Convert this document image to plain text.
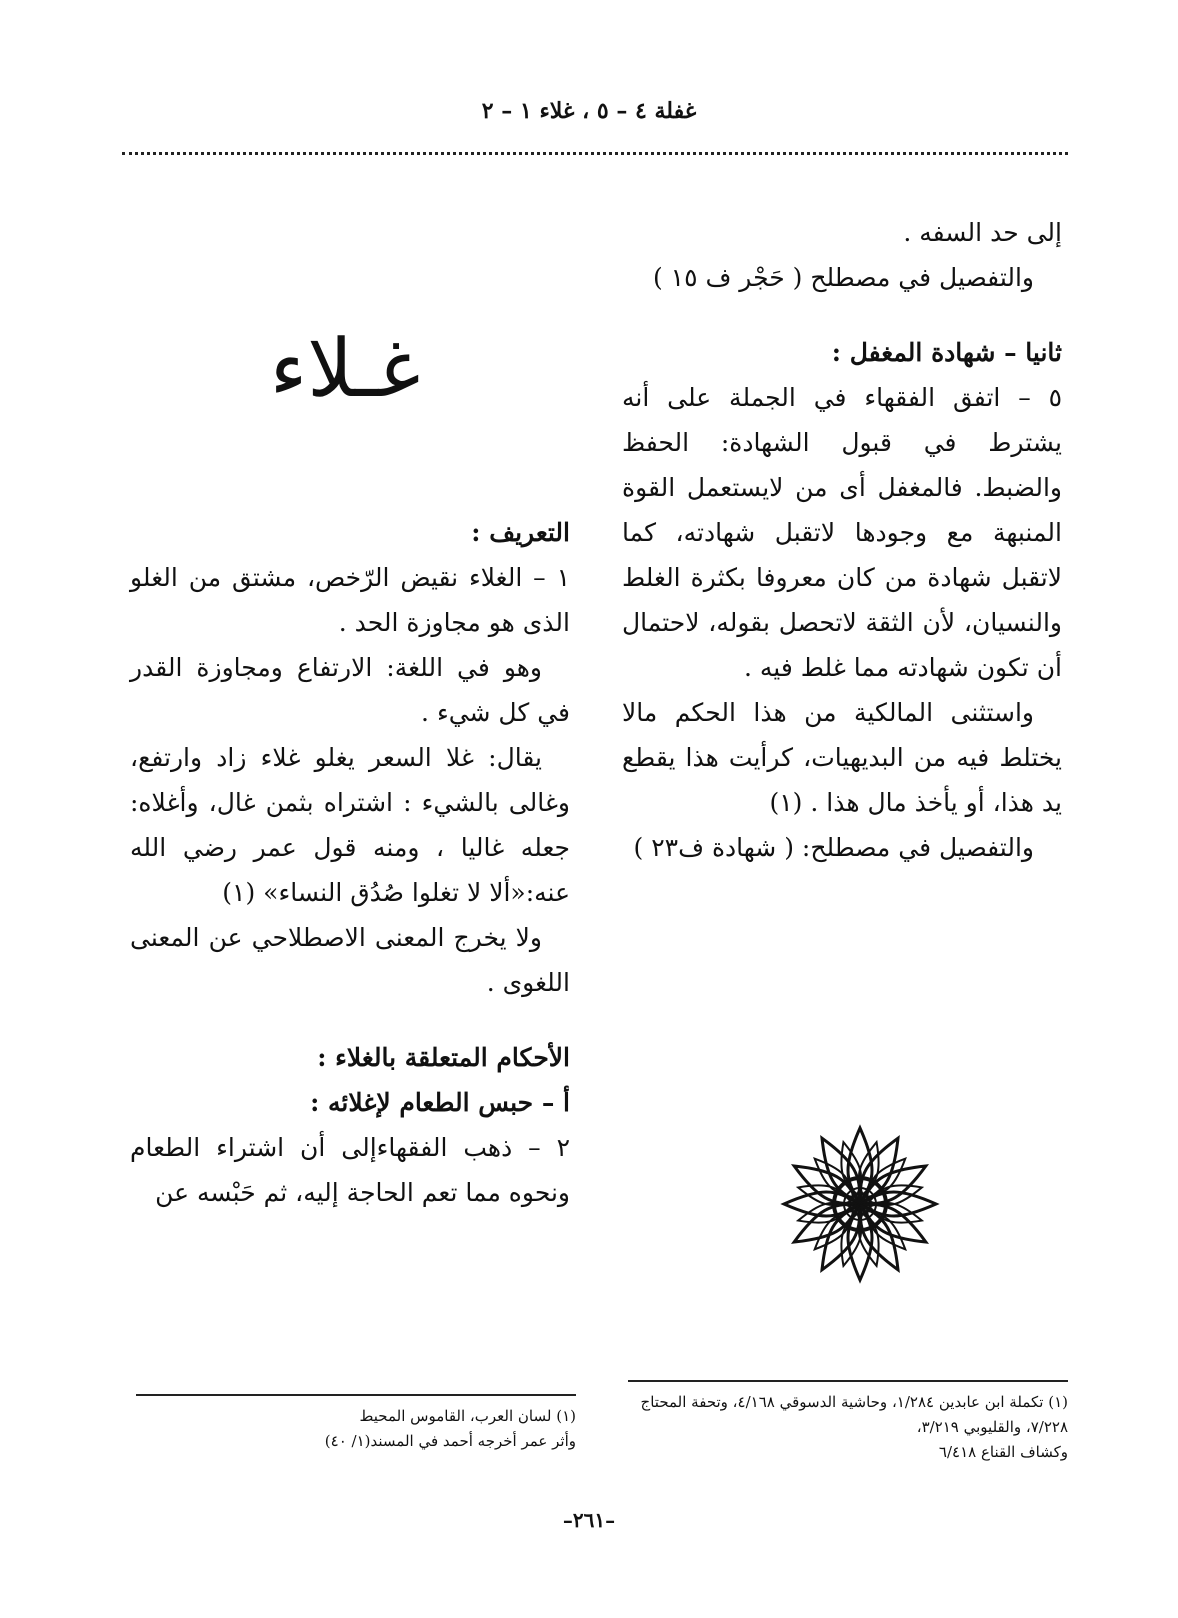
غفلة ٤ – ٥ ، غلاء ١ – ٢

إلى حد السفه .

والتفصيل في مصطلح ( حَجْر ف ١٥ )

ثانيا – شهادة المغفل :

٥ – اتفق الفقهاء في الجملة على أنه يشترط في قبول الشهادة: الحفظ والضبط. فالمغفل أى من لايستعمل القوة المنبهة مع وجودها لاتقبل شهادته، كما لاتقبل شهادة من كان معروفا بكثرة الغلط والنسيان، لأن الثقة لاتحصل بقوله، لاحتمال أن تكون شهادته مما غلط فيه .

واستثنى المالكية من هذا الحكم مالا يختلط فيه من البديهيات، كرأيت هذا يقطع يد هذا، أو يأخذ مال هذا . (١)

والتفصيل في مصطلح: ( شهادة ف٢٣ )

غـلاء

التعريف :

١ – الغلاء نقيض الرّخص، مشتق من الغلو الذى هو مجاوزة الحد .

وهو في اللغة: الارتفاع ومجاوزة القدر في كل شيء .

يقال: غلا السعر يغلو غلاء زاد وارتفع، وغالى بالشيء : اشتراه بثمن غال، وأغلاه: جعله غاليا ، ومنه قول عمر رضي الله عنه:«ألا لا تغلوا صُدُق النساء» (١)

ولا يخرج المعنى الاصطلاحي عن المعنى اللغوى .

الأحكام المتعلقة بالغلاء :

أ – حبس الطعام لإغلائه :

٢ – ذهب الفقهاءإلى أن اشتراء الطعام ونحوه مما تعم الحاجة إليه، ثم حَبْسه عن

(١) تكملة ابن عابدين ١/٢٨٤، وحاشية الدسوقي ٤/١٦٨، وتحفة المحتاج ٧/٢٢٨، والقليوبي ٣/٢١٩،

وكشاف القناع ٦/٤١٨

(١) لسان العرب، القاموس المحيط

وأثر عمر أخرجه أحمد في المسند(١/ ٤٠)

–٢٦١–
